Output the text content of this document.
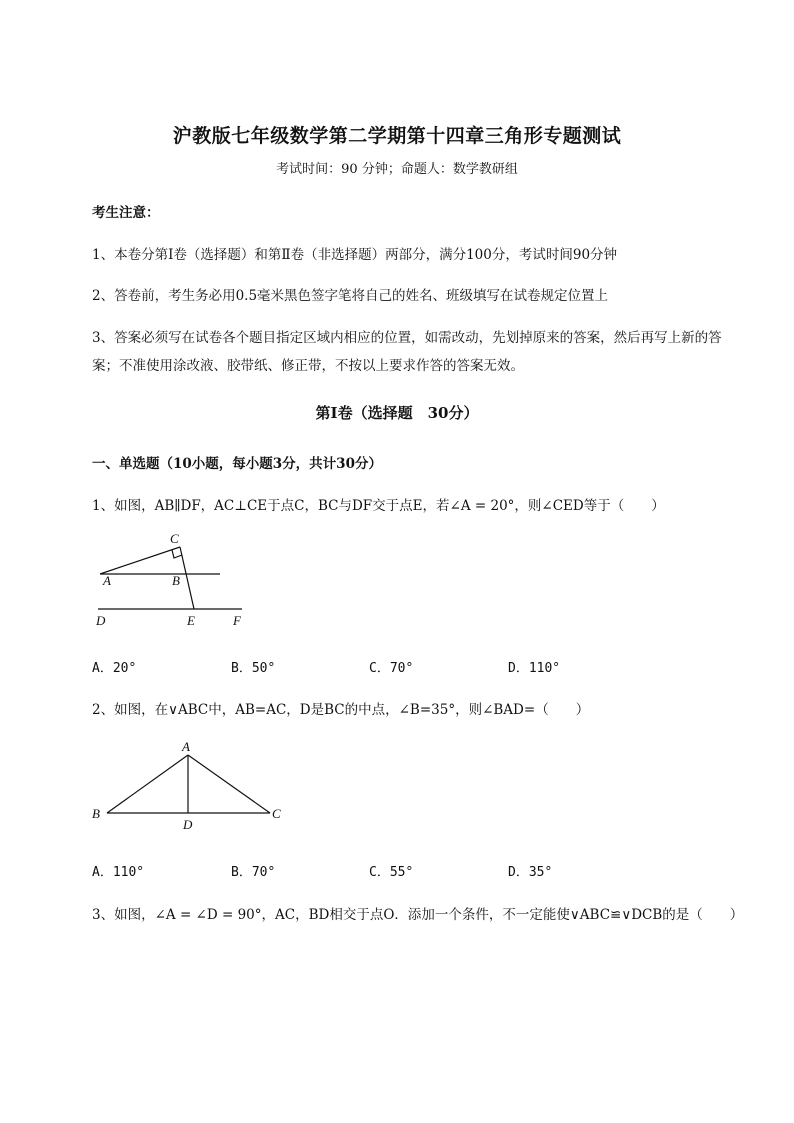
沪教版七年级数学第二学期第十四章三角形专题测试
考试时间：90 分钟；命题人：数学教研组
考生注意：
1、本卷分第Ⅰ卷（选择题）和第Ⅱ卷（非选择题）两部分，满分100分，考试时间90分钟
2、答卷前，考生务必用0.5毫米黑色签字笔将自己的姓名、班级填写在试卷规定位置上
3、答案必须写在试卷各个题目指定区域内相应的位置，如需改动，先划掉原来的答案，然后再写上新的答案；不准使用涂改液、胶带纸、修正带，不按以上要求作答的答案无效。
第Ⅰ卷（选择题　30分）
一、单选题（10小题，每小题3分，共计30分）
1、如图，AB∥DF，AC⊥CE于点C，BC与DF交于点E，若∠A = 20°，则∠CED等于（　　）
C
A	B
D	E	F
A．20°	B．50°	C．70°	D．110°
2、如图，在∨ABC中，AB=AC，D是BC的中点，∠B=35°，则∠BAD=（　　）
A
B
D
C
A．110°	B．70°	C．55°	D．35°
3、如图，∠A = ∠D = 90°，AC，BD相交于点O．添加一个条件，不一定能使∨ABC≌∨DCB的是（　　）
